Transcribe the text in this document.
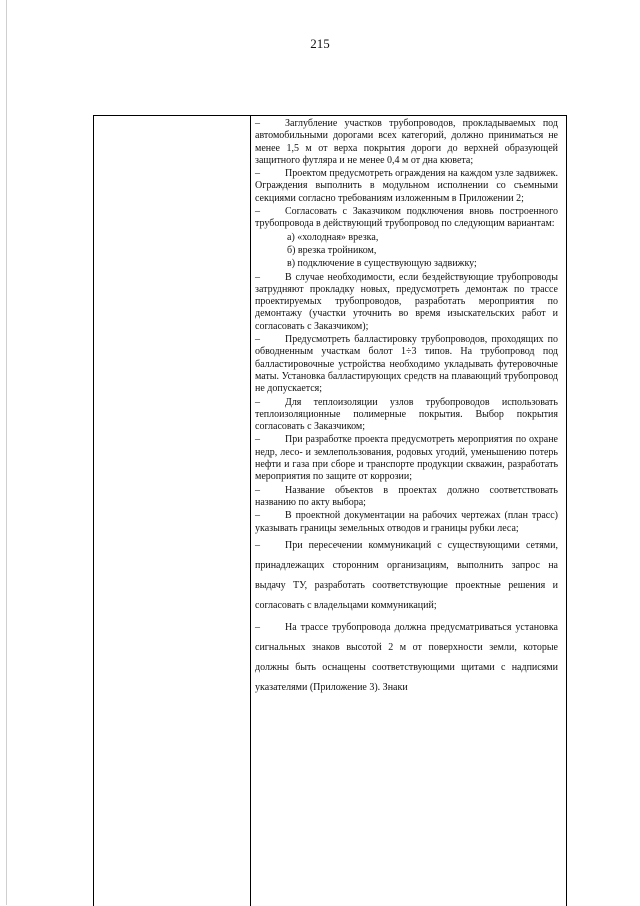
215

–	Заглубление участков трубопроводов, прокладываемых под автомобильными дорогами всех категорий, должно приниматься не менее 1,5 м от верха покрытия дороги до верхней образующей защитного футляра и не менее 0,4 м от дна кювета;

–	Проектом предусмотреть ограждения на каждом узле задвижек. Ограждения выполнить в модульном исполнении со съемными секциями согласно требованиям изложенным в Приложении 2;

–	Согласовать с Заказчиком подключения вновь построенного трубопровода в действующий трубопровод по следующим вариантам:

а) «холодная» врезка,

б) врезка тройником,

в) подключение в существующую задвижку;

–	В случае необходимости, если бездействующие трубопроводы затрудняют прокладку новых, предусмотреть демонтаж по трассе проектируемых трубопроводов, разработать мероприятия по демонтажу (участки уточнить во время изыскательских работ и согласовать с Заказчиком);

–	Предусмотреть балластировку трубопроводов, проходящих по обводненным участкам болот 1÷3 типов. На трубопровод под балластировочные устройства необходимо укладывать футеровочные маты. Установка балластирующих средств на плавающий трубопровод не допускается;

–	Для теплоизоляции узлов трубопроводов использовать теплоизоляционные полимерные покрытия. Выбор покрытия согласовать с Заказчиком;

–	При разработке проекта предусмотреть мероприятия по охране недр, лесо- и землепользования, родовых угодий, уменьшению потерь нефти и газа при сборе и транспорте продукции скважин, разработать мероприятия по защите от коррозии;

–	Название объектов в проектах должно соответствовать названию по акту выбора;

–	В проектной документации на рабочих чертежах (план трасс) указывать границы земельных отводов и границы рубки леса;

–	При пересечении коммуникаций с существующими сетями, принадлежащих сторонним организациям, выполнить запрос на выдачу ТУ, разработать соответствующие проектные решения и согласовать с владельцами коммуникаций;

–	На трассе трубопровода должна предусматриваться установка сигнальных знаков высотой 2 м от поверхности земли, которые должны быть оснащены соответствующими щитами с надписями указателями (Приложение 3). Знаки
